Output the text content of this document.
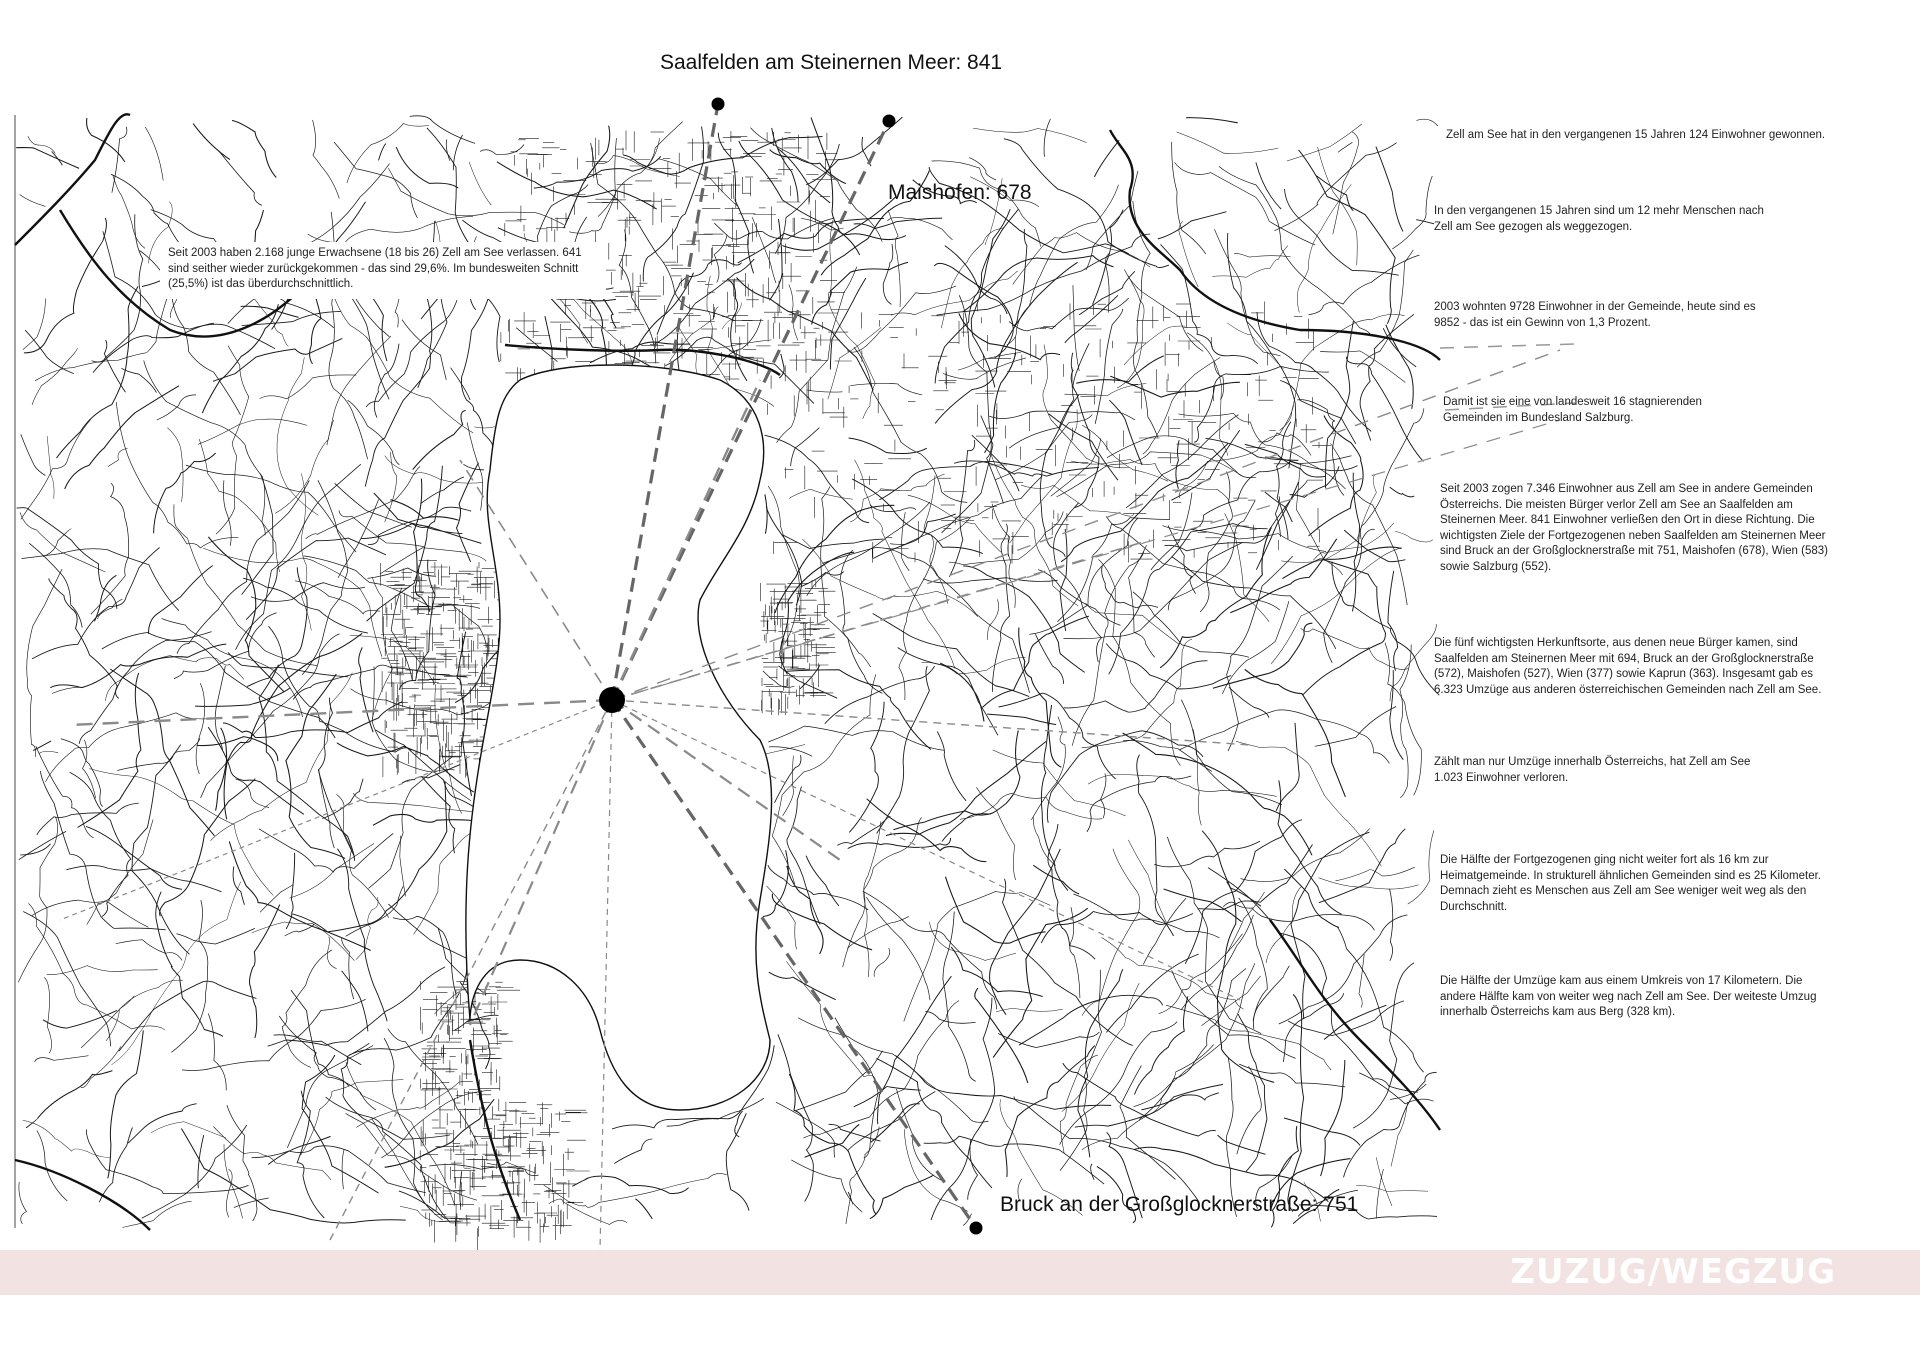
Saalfelden am Steinernen Meer: 841
Maishofen: 678
Bruck an der Großglocknerstraße: 751
Seit 2003 haben 2.168 junge Erwachsene (18 bis 26) Zell am See verlassen. 641 sind seither wieder zurückgekommen - das sind 29,6%. Im bundesweiten Schnitt (25,5%) ist das überdurchschnittlich.
Zell am See hat in den vergangenen 15 Jahren 124 Einwohner gewonnen.
In den vergangenen 15 Jahren sind um 12 mehr Menschen nach Zell am See gezogen als weggezogen.
2003 wohnten 9728 Einwohner in der Gemeinde, heute sind es 9852 - das ist ein Gewinn von 1,3 Prozent.
Damit ist sie eine von landesweit 16 stagnierenden Gemeinden im Bundesland Salzburg.
Seit 2003 zogen 7.346 Einwohner aus Zell am See in andere Gemeinden Österreichs. Die meisten Bürger verlor Zell am See an Saalfelden am Steinernen Meer. 841 Einwohner verließen den Ort in diese Richtung. Die wichtigsten Ziele der Fortgezogenen neben Saalfelden am Steinernen Meer sind Bruck an der Großglocknerstraße mit 751, Maishofen (678), Wien (583) sowie Salzburg (552).
Die fünf wichtigsten Herkunftsorte, aus denen neue Bürger kamen, sind Saalfelden am Steinernen Meer mit 694, Bruck an der Großglocknerstraße (572), Maishofen (527), Wien (377) sowie Kaprun (363). Insgesamt gab es 6.323 Umzüge aus anderen österreichischen Gemeinden nach Zell am See.
Zählt man nur Umzüge innerhalb Österreichs, hat Zell am See 1.023 Einwohner verloren.
Die Hälfte der Fortgezogenen ging nicht weiter fort als 16 km zur Heimatgemeinde. In strukturell ähnlichen Gemeinden sind es 25 Kilometer. Demnach zieht es Menschen aus Zell am See weniger weit weg als den Durchschnitt.
Die Hälfte der Umzüge kam aus einem Umkreis von 17 Kilometern. Die andere Hälfte kam von weiter weg nach Zell am See. Der weiteste Umzug innerhalb Österreichs kam aus Berg (328 km).
ZUZUG/WEGZUG
